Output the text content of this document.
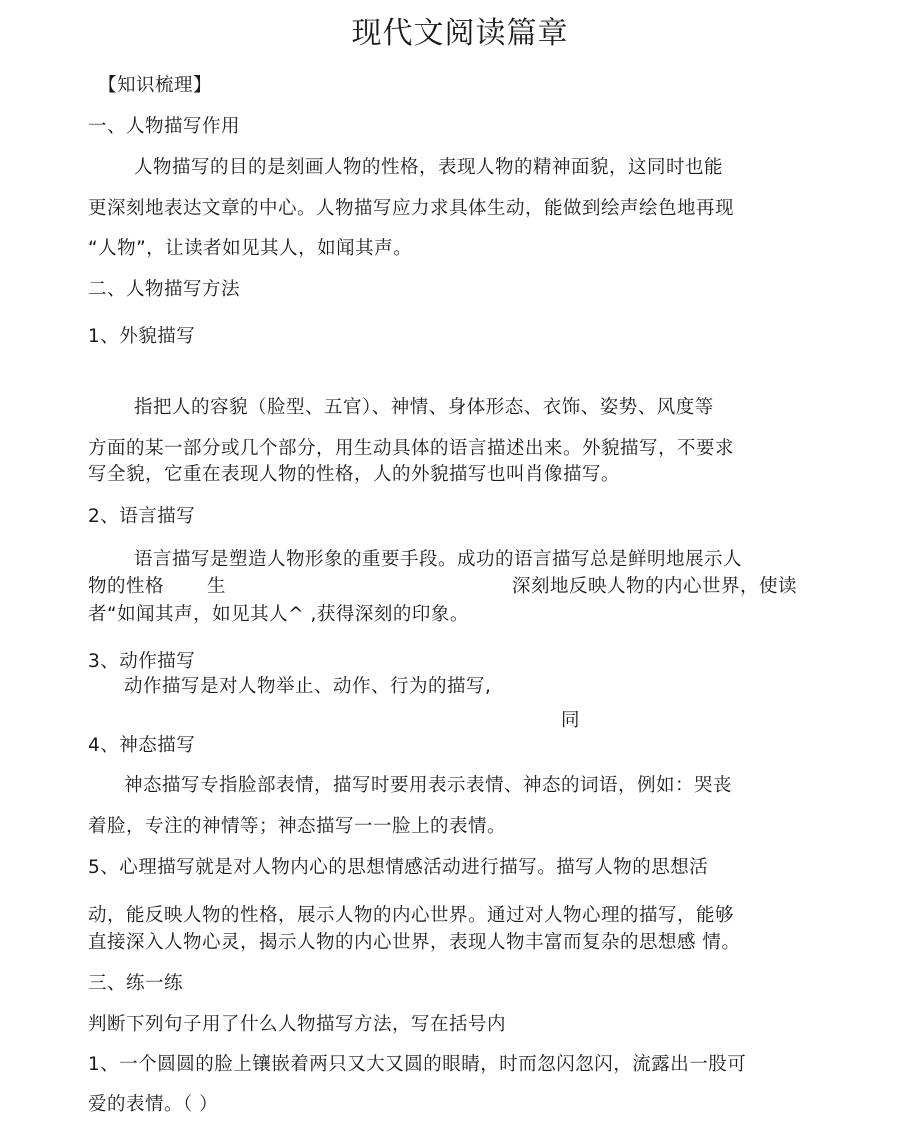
现代文阅读篇章
【知识梳理】
一、人物描写作用
人物描写的目的是刻画人物的性格，表现人物的精神面貌，这同时也能
更深刻地表达文章的中心。人物描写应力求具体生动，能做到绘声绘色地再现
“人物”，让读者如见其人，如闻其声。
二、人物描写方法
1、外貌描写
指把人的容貌（脸型、五官）、神情、身体形态、衣饰、姿势、风度等
方面的某一部分或几个部分，用生动具体的语言描述出来。外貌描写，不要求
写全貌，它重在表现人物的性格，人的外貌描写也叫肖像描写。
2、语言描写
语言描写是塑造人物形象的重要手段。成功的语言描写总是鲜明地展示人
物的性格 生	深刻地反映人物的内心世界，使读
者“如闻其声，如见其人^ ,获得深刻的印象。
3、动作描写
动作描写是对人物举止、动作、行为的描写,
同
4、神态描写
神态描写专指脸部表情，描写时要用表示表情、神态的词语，例如：哭丧
着脸，专注的神情等；神态描写一一脸上的表情。
5、心理描写就是对人物内心的思想情感活动进行描写。描写人物的思想活
动，能反映人物的性格，展示人物的内心世界。通过对人物心理的描写，能够
直接深入人物心灵，揭示人物的内心世界，表现人物丰富而复杂的思想感 情。
三、练一练
判断下列句子用了什么人物描写方法，写在括号内
1、一个圆圆的脸上镶嵌着两只又大又圆的眼睛，时而忽闪忽闪，流露出一股可
爱的表情。（ ）
